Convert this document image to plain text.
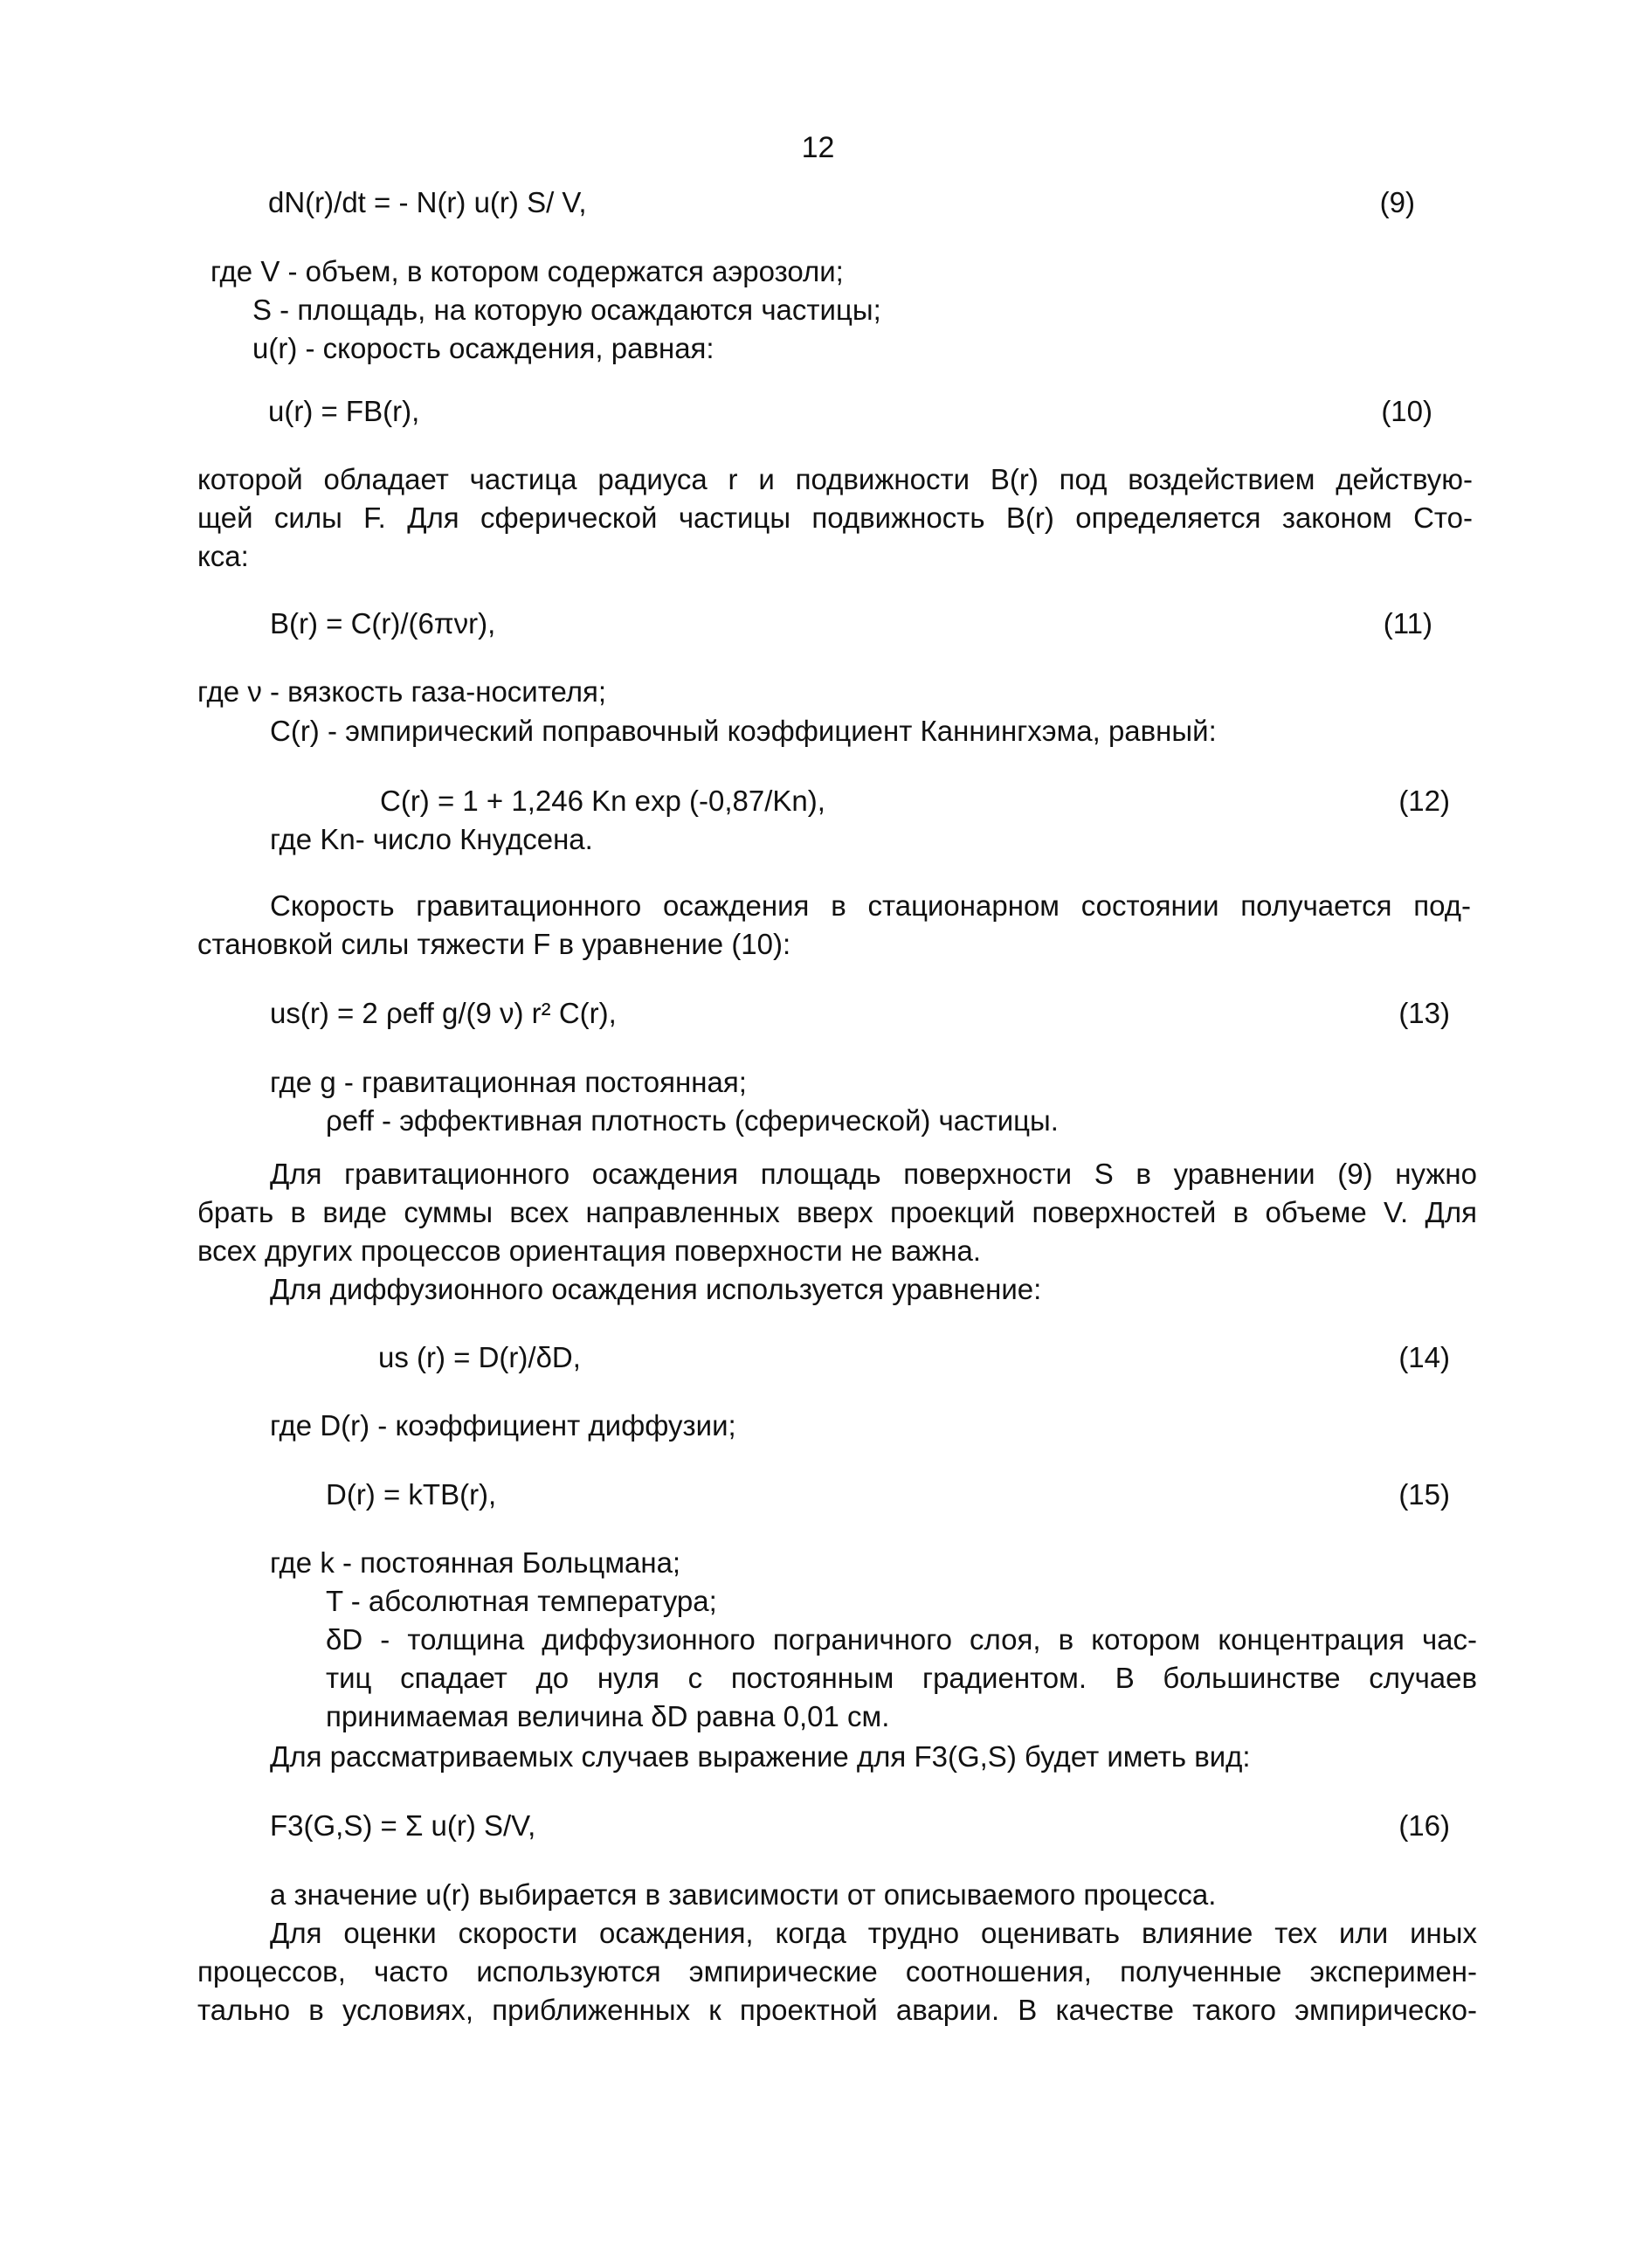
12
dN(r)/dt = - N(r) u(r) S/ V,	(9)
где V - объем, в котором содержатся аэрозоли;
S - площадь, на которую осаждаются частицы;
u(r) - скорость осаждения, равная:
u(r) = FB(r),	(10)
которой обладает частица радиуса r и подвижности B(r) под воздействием действую-
щей силы F. Для сферической частицы подвижность B(r) определяется законом Сто-
кса:
B(r) = C(r)/(6πνr),	(11)
где ν - вязкость газа-носителя;
C(r) - эмпирический поправочный коэффициент Каннингхэма, равный:
C(r) = 1 + 1,246 Kn exp (-0,87/Kn),	(12)
где Kn- число Кнудсена.
Скорость гравитационного осаждения в стационарном состоянии получается под-
становкой силы тяжести F в уравнение (10):
us(r) = 2 ρeff g/(9 ν) r² C(r),	(13)
где g - гравитационная постоянная;
ρeff - эффективная плотность (сферической) частицы.
Для гравитационного осаждения площадь поверхности S в уравнении (9) нужно
брать в виде суммы всех направленных вверх проекций поверхностей в объеме V. Для
всех других процессов ориентация поверхности не важна.
Для диффузионного осаждения используется уравнение:
us (r) = D(r)/δD,	(14)
где D(r) - коэффициент диффузии;
D(r) = kTB(r),	(15)
где k - постоянная Больцмана;
T - абсолютная температура;
δD - толщина диффузионного пограничного слоя, в котором концентрация час-
тиц спадает до нуля с постоянным градиентом. В большинстве случаев
принимаемая величина δD равна 0,01 см.
Для рассматриваемых случаев выражение для F3(G,S) будет иметь вид:
F3(G,S) = Σ u(r) S/V,	(16)
а значение u(r) выбирается в зависимости от описываемого процесса.
Для оценки скорости осаждения, когда трудно оценивать влияние тех или иных
процессов, часто используются эмпирические соотношения, полученные эксперимен-
тально в условиях, приближенных к проектной аварии. В качестве такого эмпирическо-
